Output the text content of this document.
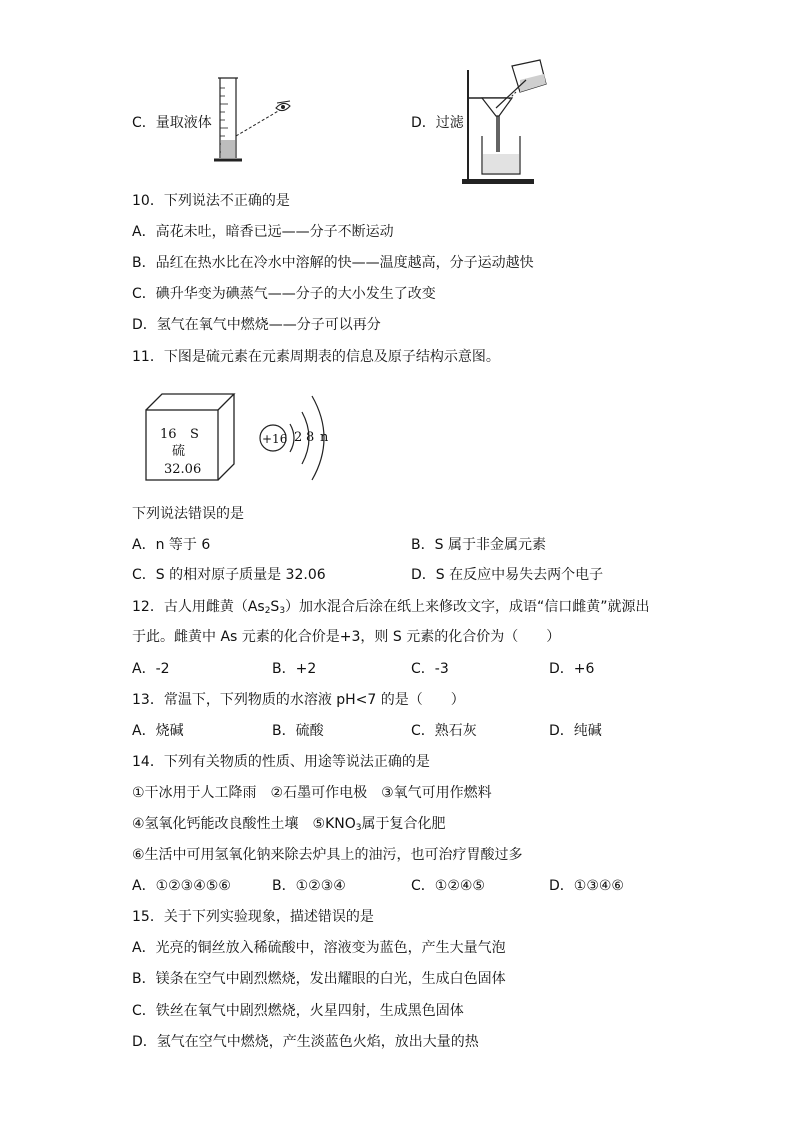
C．量取液体	D．过滤
10．下列说法不正确的是
A．高花未吐，暗香已远——分子不断运动
B．品红在热水比在冷水中溶解的快——温度越高，分子运动越快
C．碘升华变为碘蒸气——分子的大小发生了改变
D．氢气在氧气中燃烧——分子可以再分
11．下图是硫元素在元素周期表的信息及原子结构示意图。
16 S
硫
32.06
+16 2 8 n
下列说法错误的是
A．n 等于 6	B．S 属于非金属元素
C．S 的相对原子质量是 32.06	D．S 在反应中易失去两个电子
12．古人用雌黄$(As_2S_3)$加水混合后涂在纸上来修改文字，成语“信口雌黄”就源出
于此。雌黄中 As 元素的化合价是+3，则 S 元素的化合价为（　　）
A．-2	B．+2	C．-3	D．+6
13．常温下，下列物质的水溶液 pH<7 的是（　　）
A．烧碱	B．硫酸	C．熟石灰	D．纯碱
14．下列有关物质的性质、用途等说法正确的是
①干冰用于人工降雨　②石墨可作电极　③氧气可用作燃料
④氢氧化钙能改良酸性土壤　$⑤KNO_3$属于复合化肥
⑥生活中可用氢氧化钠来除去炉具上的油污，也可治疗胃酸过多
A．①②③④⑤⑥	B．①②③④	C．①②④⑤	D．①③④⑥
15．关于下列实验现象，描述错误的是
A．光亮的铜丝放入稀硫酸中，溶液变为蓝色，产生大量气泡
B．镁条在空气中剧烈燃烧，发出耀眼的白光，生成白色固体
C．铁丝在氧气中剧烈燃烧，火星四射，生成黑色固体
D．氢气在空气中燃烧，产生淡蓝色火焰，放出大量的热
